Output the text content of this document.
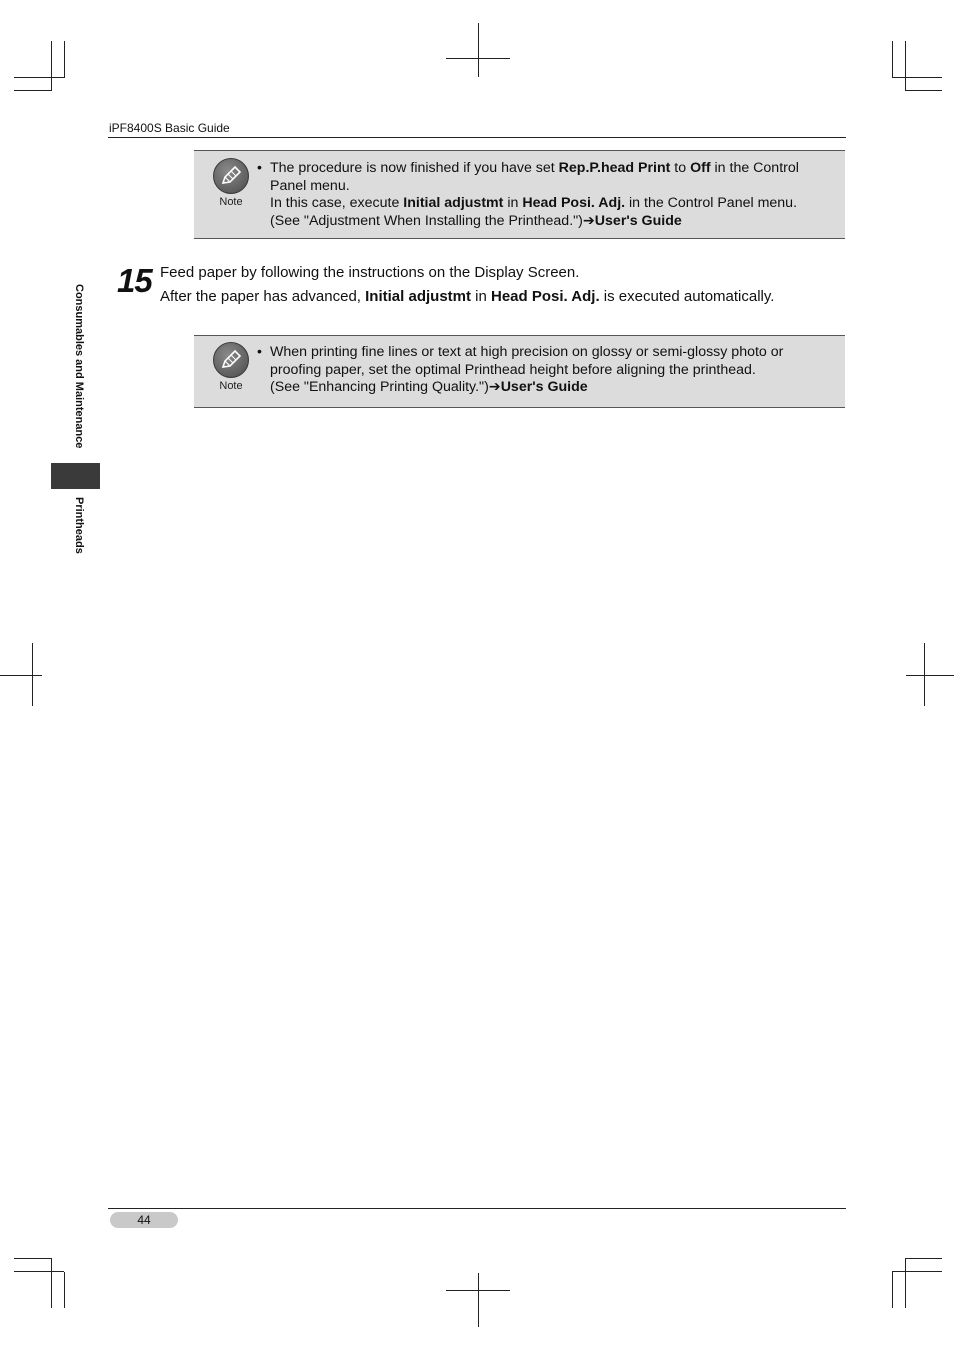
iPF8400S Basic Guide
Note
• The procedure is now finished if you have set Rep.P.head Print to Off in the Control
Panel menu.
In this case, execute Initial adjustmt in Head Posi. Adj. in the Control Panel menu.
(See "Adjustment When Installing the Printhead.")➔User's Guide
15 Feed paper by following the instructions on the Display Screen.
After the paper has advanced, Initial adjustmt in Head Posi. Adj. is executed automatically.
Note
• When printing fine lines or text at high precision on glossy or semi-glossy photo or
proofing paper, set the optimal Printhead height before aligning the printhead.
(See "Enhancing Printing Quality.")➔User's Guide
Consumables and Maintenance
Printheads
44
